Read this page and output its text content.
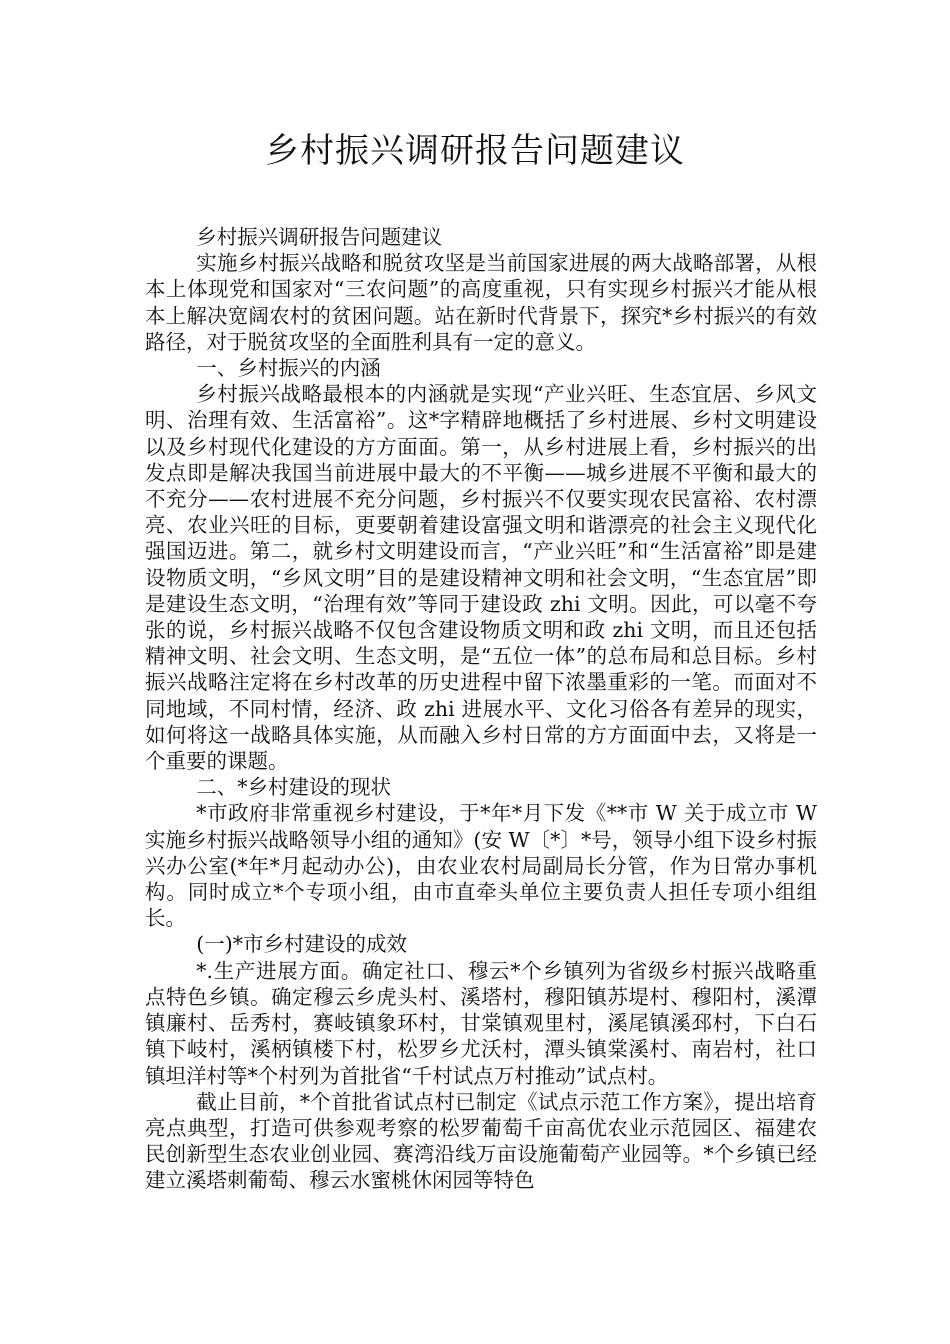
乡村振兴调研报告问题建议

乡村振兴调研报告问题建议

实施乡村振兴战略和脱贫攻坚是当前国家进展的两大战略部署，从根本上体现党和国家对“三农问题”的高度重视，只有实现乡村振兴才能从根本上解决宽阔农村的贫困问题。站在新时代背景下，探究*乡村振兴的有效路径，对于脱贫攻坚的全面胜利具有一定的意义。

一、乡村振兴的内涵

乡村振兴战略最根本的内涵就是实现“产业兴旺、生态宜居、乡风文明、治理有效、生活富裕”。这*字精辟地概括了乡村进展、乡村文明建设以及乡村现代化建设的方方面面。第一，从乡村进展上看，乡村振兴的出发点即是解决我国当前进展中最大的不平衡——城乡进展不平衡和最大的不充分——农村进展不充分问题，乡村振兴不仅要实现农民富裕、农村漂亮、农业兴旺的目标，更要朝着建设富强文明和谐漂亮的社会主义现代化强国迈进。第二，就乡村文明建设而言，“产业兴旺”和“生活富裕”即是建设物质文明，“乡风文明”目的是建设精神文明和社会文明，“生态宜居”即是建设生态文明，“治理有效”等同于建设政 zhi 文明。因此，可以毫不夸张的说，乡村振兴战略不仅包含建设物质文明和政 zhi 文明，而且还包括精神文明、社会文明、生态文明，是“五位一体”的总布局和总目标。乡村振兴战略注定将在乡村改革的历史进程中留下浓墨重彩的一笔。而面对不同地域，不同村情，经济、政 zhi 进展水平、文化习俗各有差异的现实，如何将这一战略具体实施，从而融入乡村日常的方方面面中去，又将是一个重要的课题。

二、*乡村建设的现状

*市政府非常重视乡村建设，于*年*月下发《**市 W 关于成立市 W 实施乡村振兴战略领导小组的通知》(安 W〔*〕*号，领导小组下设乡村振兴办公室(*年*月起动办公)，由农业农村局副局长分管，作为日常办事机构。同时成立*个专项小组，由市直牵头单位主要负责人担任专项小组组长。

(一)*市乡村建设的成效

*.生产进展方面。确定社口、穆云*个乡镇列为省级乡村振兴战略重点特色乡镇。确定穆云乡虎头村、溪塔村，穆阳镇苏堤村、穆阳村，溪潭镇廉村、岳秀村，赛岐镇象环村，甘棠镇观里村，溪尾镇溪邳村，下白石镇下岐村，溪柄镇楼下村，松罗乡尤沃村，潭头镇棠溪村、南岩村，社口镇坦洋村等*个村列为首批省“千村试点万村推动”试点村。

截止目前，*个首批省试点村已制定《试点示范工作方案》，提出培育亮点典型，打造可供参观考察的松罗葡萄千亩高优农业示范园区、福建农民创新型生态农业创业园、赛湾沿线万亩设施葡萄产业园等。*个乡镇已经建立溪塔刺葡萄、穆云水蜜桃休闲园等特色
